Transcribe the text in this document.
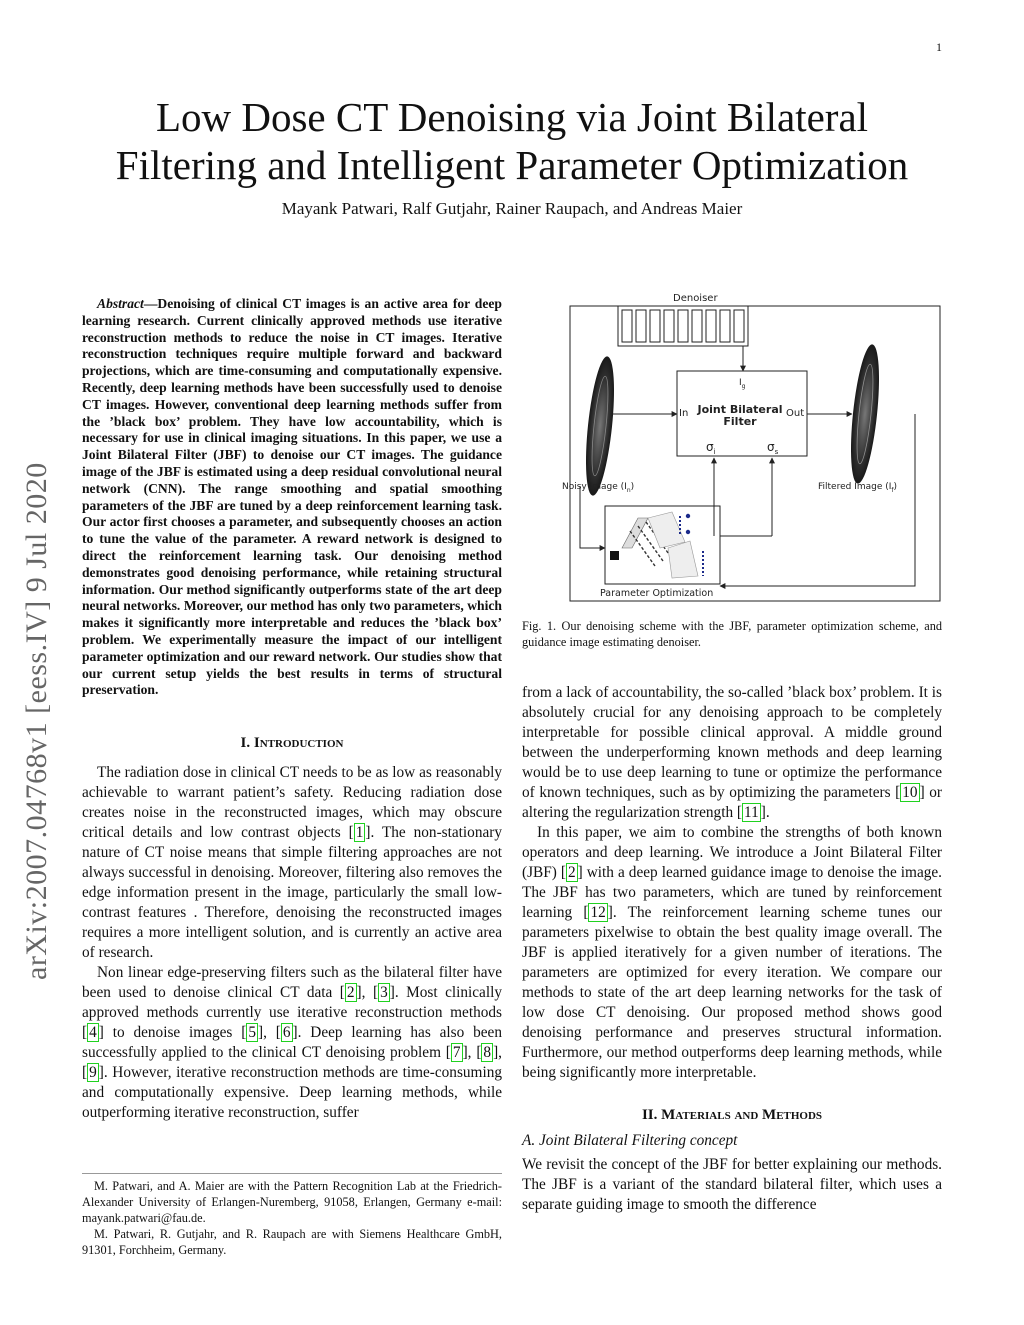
1
Low Dose CT Denoising via Joint Bilateral
Filtering and Intelligent Parameter Optimization
Mayank Patwari, Ralf Gutjahr, Rainer Raupach, and Andreas Maier
arXiv:2007.04768v1 [eess.IV] 9 Jul 2020

Abstract—Denoising of clinical CT images is an active area for deep learning research. Current clinically approved methods use iterative reconstruction methods to reduce the noise in CT images. Iterative reconstruction techniques require multiple forward and backward projections, which are time-consuming and computationally expensive. Recently, deep learning methods have been successfully used to denoise CT images. However, conventional deep learning methods suffer from the ’black box’ problem. They have low accountability, which is necessary for use in clinical imaging situations. In this paper, we use a Joint Bilateral Filter (JBF) to denoise our CT images. The guidance image of the JBF is estimated using a deep residual convolutional neural network (CNN). The range smoothing and spatial smoothing parameters of the JBF are tuned by a deep reinforcement learning task. Our actor first chooses a parameter, and subsequently chooses an action to tune the value of the parameter. A reward network is designed to direct the reinforcement learning task. Our denoising method demonstrates good denoising performance, while retaining structural information. Our method significantly outperforms state of the art deep neural networks. Moreover, our method has only two parameters, which makes it significantly more interpretable and reduces the ’black box’ problem. We experimentally measure the impact of our intelligent parameter optimization and our reward network. Our studies show that our current setup yields the best results in terms of structural preservation.

I. Introduction

The radiation dose in clinical CT needs to be as low as reasonably achievable to warrant patient’s safety. Reducing radiation dose creates noise in the reconstructed images, which may obscure critical details and low contrast objects [ 1 ]. The non-stationary nature of CT noise means that simple filtering approaches are not always successful in denoising. Moreover, filtering also removes the edge information present in the image, particularly the small low-contrast features . Therefore, denoising the reconstructed images requires a more intelligent solution, and is currently an active area of research.

Non linear edge-preserving filters such as the bilateral filter have been used to denoise clinical CT data [ 2 ], [ 3 ]. Most clinically approved methods currently use iterative reconstruction methods [ 4 ] to denoise images [ 5 ], [ 6 ]. Deep learning has also been successfully applied to the clinical CT denoising problem [ 7 ], [ 8 ], [ 9 ]. However, iterative reconstruction methods are time-consuming and computationally expensive. Deep learning methods, while outperforming iterative reconstruction, suffer

M. Patwari, and A. Maier are with the Pattern Recognition Lab at the Friedrich-Alexander University of Erlangen-Nuremberg, 91058, Erlangen, Germany e-mail: mayank.patwari@fau.de.

M. Patwari, R. Gutjahr, and R. Raupach are with Siemens Healthcare GmbH, 91301, Forchheim, Germany.

Denoiser
$I_g$
In	Out
Joint Bilateral
Filter
$\sigma_i$	$\sigma_s$
Noisy Image $(I_n)$	Filtered Image $(I_f)$
Parameter Optimization
Fig. 1. Our denoising scheme with the JBF, parameter optimization scheme, and guidance image estimating denoiser.

from a lack of accountability, the so-called ’black box’ problem. It is absolutely crucial for any denoising approach to be completely interpretable for possible clinical approval. A middle ground between the underperforming known methods and deep learning would be to use deep learning to tune or optimize the performance of known techniques, such as by optimizing the parameters [ 10 ] or altering the regularization strength [ 11 ].

In this paper, we aim to combine the strengths of both known operators and deep learning. We introduce a Joint Bilateral Filter (JBF) [ 2 ] with a deep learned guidance image to denoise the image. The JBF has two parameters, which are tuned by reinforcement learning [ 12 ]. The reinforcement learning scheme tunes our parameters pixelwise to obtain the best quality image overall. The JBF is applied iteratively for a given number of iterations. The parameters are optimized for every iteration. We compare our methods to state of the art deep learning networks for the task of low dose CT denoising. Our proposed method shows good denoising performance and preserves structural information. Furthermore, our method outperforms deep learning methods, while being significantly more interpretable.

II. Materials and Methods

A. Joint Bilateral Filtering concept

We revisit the concept of the JBF for better explaining our methods. The JBF is a variant of the standard bilateral filter, which uses a separate guiding image to smooth the difference
